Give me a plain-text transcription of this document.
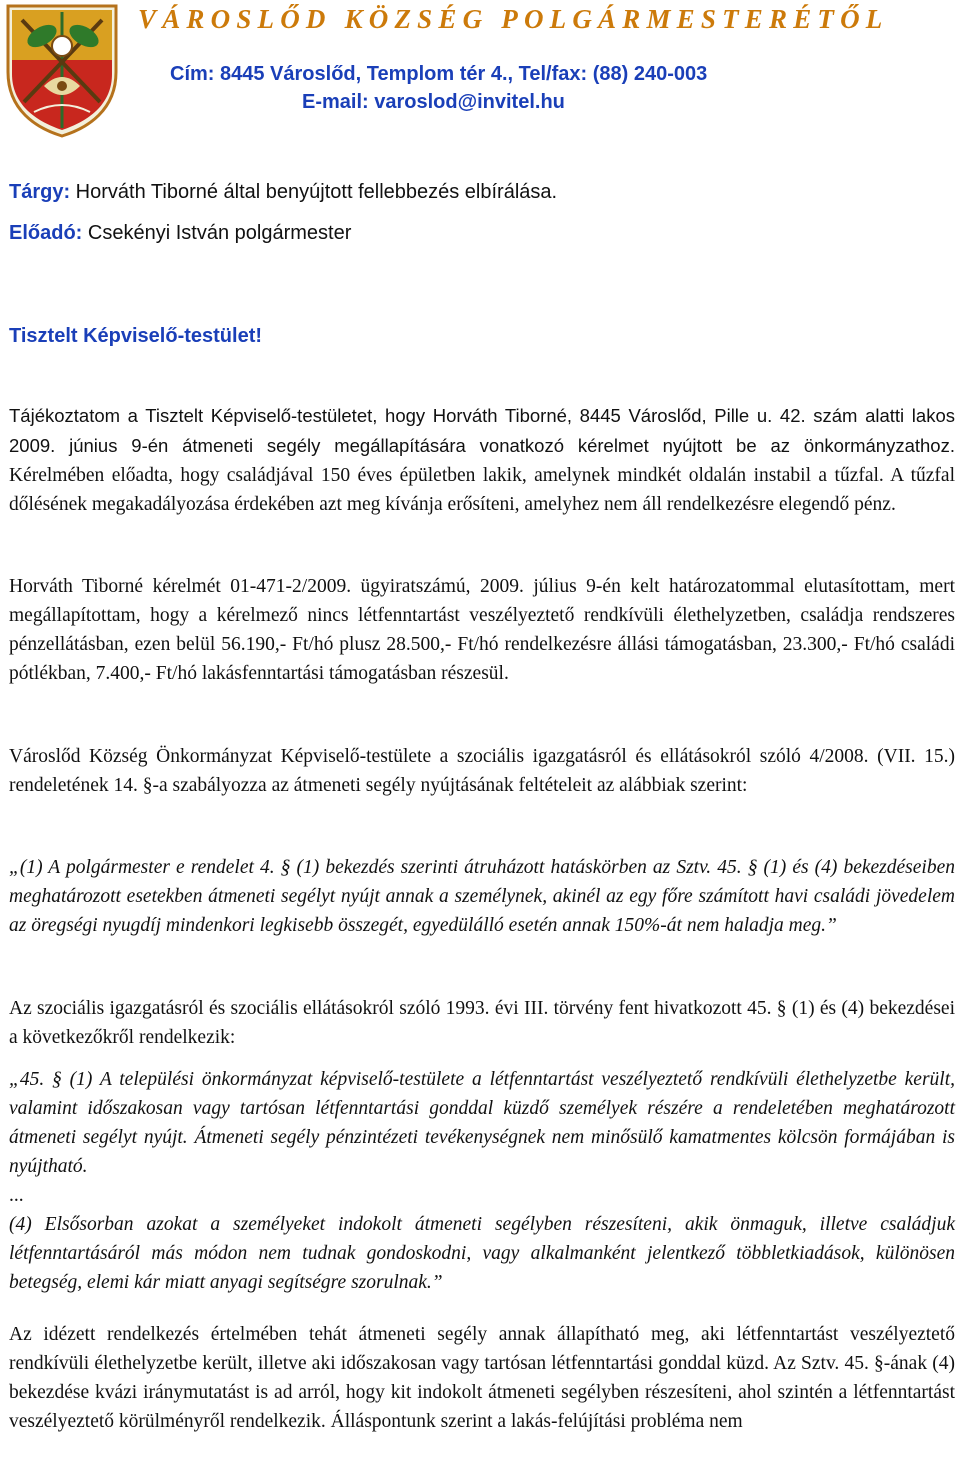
VÁROSLŐD KÖZSÉG POLGÁRMESTERÉTŐL
Cím: 8445 Városlőd, Templom tér 4., Tel/fax: (88) 240-003
E-mail: varoslod@invitel.hu
Tárgy: Horváth Tiborné által benyújtott fellebbezés elbírálása.
Előadó: Csekényi István polgármester
Tisztelt Képviselő-testület!

Tájékoztatom a Tisztelt Képviselő-testületet, hogy Horváth Tiborné, 8445 Városlőd, Pille u. 42. szám alatti lakos 2009. június 9-én átmeneti segély megállapítására vonatkozó kérelmet nyújtott be az önkormányzathoz. Kérelmében előadta, hogy családjával 150 éves épületben lakik, amelynek mindkét oldalán instabil a tűzfal. A tűzfal dőlésének megakadályozása érdekében azt meg kívánja erősíteni, amelyhez nem áll rendelkezésre elegendő pénz.

Horváth Tiborné kérelmét 01-471-2/2009. ügyiratszámú, 2009. július 9-én kelt határozatommal elutasítottam, mert megállapítottam, hogy a kérelmező nincs létfenntartást veszélyeztető rendkívüli élethelyzetben, családja rendszeres pénzellátásban, ezen belül 56.190,- Ft/hó plusz 28.500,- Ft/hó rendelkezésre állási támogatásban, 23.300,- Ft/hó családi pótlékban, 7.400,- Ft/hó lakásfenntartási támogatásban részesül.

Városlőd Község Önkormányzat Képviselő-testülete a szociális igazgatásról és ellátásokról szóló 4/2008. (VII. 15.) rendeletének 14. §-a szabályozza az átmeneti segély nyújtásának feltételeit az alábbiak szerint:

„(1) A polgármester e rendelet 4. § (1) bekezdés szerinti átruházott hatáskörben az Sztv. 45. § (1) és (4) bekezdéseiben meghatározott esetekben átmeneti segélyt nyújt annak a személynek, akinél az egy főre számított havi családi jövedelem az öregségi nyugdíj mindenkori legkisebb összegét, egyedülálló esetén annak 150%-át nem haladja meg.”

Az szociális igazgatásról és szociális ellátásokról szóló 1993. évi III. törvény fent hivatkozott 45. § (1) és (4) bekezdései a következőkről rendelkezik:

„45. § (1) A települési önkormányzat képviselő-testülete a létfenntartást veszélyeztető rendkívüli élethelyzetbe került, valamint időszakosan vagy tartósan létfenntartási gonddal küzdő személyek részére a rendeletében meghatározott átmeneti segélyt nyújt. Átmeneti segély pénzintézeti tevékenységnek nem minősülő kamatmentes kölcsön formájában is nyújtható.
...
(4) Elsősorban azokat a személyeket indokolt átmeneti segélyben részesíteni, akik önmaguk, illetve családjuk létfenntartásáról más módon nem tudnak gondoskodni, vagy alkalmanként jelentkező többletkiadások, különösen betegség, elemi kár miatt anyagi segítségre szorulnak.”

Az idézett rendelkezés értelmében tehát átmeneti segély annak állapítható meg, aki létfenntartást veszélyeztető rendkívüli élethelyzetbe került, illetve aki időszakosan vagy tartósan létfenntartási gonddal küzd. Az Sztv. 45. §-ának (4) bekezdése kvázi iránymutatást is ad arról, hogy kit indokolt átmeneti segélyben részesíteni, ahol szintén a létfenntartást veszélyeztető körülményről rendelkezik. Álláspontunk szerint a lakás-felújítási probléma nem
